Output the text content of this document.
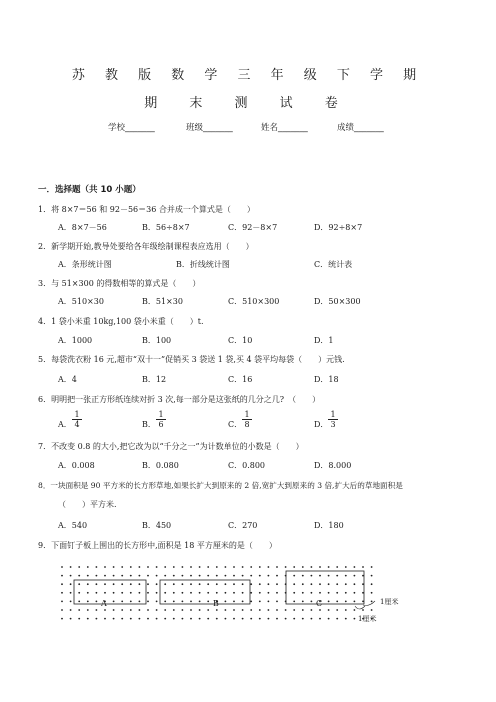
苏 教 版 数 学 三 年 级 下 学 期
期 末 测 试 卷
学校_______	班级_______	姓名_______	成绩_______
一．选择题（共 10 小题）
1．将 8×7＝56 和 92－56＝36 合并成一个算式是（　　）
A．8×7－56	B．56÷8×7	C．92－8×7	D．92÷8×7
2．新学期开始,教导处要给各年级绘制课程表应选用（　　）
A．条形统计图	B．折线统计图	C．统计表
3．与 51×300 的得数相等的算式是（　　）
A．510×30	B．51×30	C．510×300	D．50×300
4．1 袋小米重 10kg,100 袋小米重（　　）t.
A．1000	B．100	C．10	D．1
5．每袋洗衣粉 16 元,超市“双十一”促销买 3 袋送 1 袋,买 4 袋平均每袋（　　）元钱.
A．4	B．12	C．16	D．18
6．明明把一张正方形纸连续对折 3 次,每一部分是这张纸的几分之几?　（　　）
A． $\frac{1}{4}$	B． $\frac{1}{6}$	C． $\frac{1}{8}$	D． $\frac{1}{3}$
7．不改变 0.8 的大小,把它改为以“千分之一”为计数单位的小数是（　　）
A．0.008	B．0.080	C．0.800	D．8.000
8．一块面积是 90 平方米的长方形草地,如果长扩大到原来的 2 倍,宽扩大到原来的 3 倍,扩大后的草地面积是
（　　）平方米.
A．540	B．450	C．270	D．180
9．下面钉子板上围出的长方形中,面积是 18 平方厘米的是（　　）
A	B	C	1厘米
1厘米
